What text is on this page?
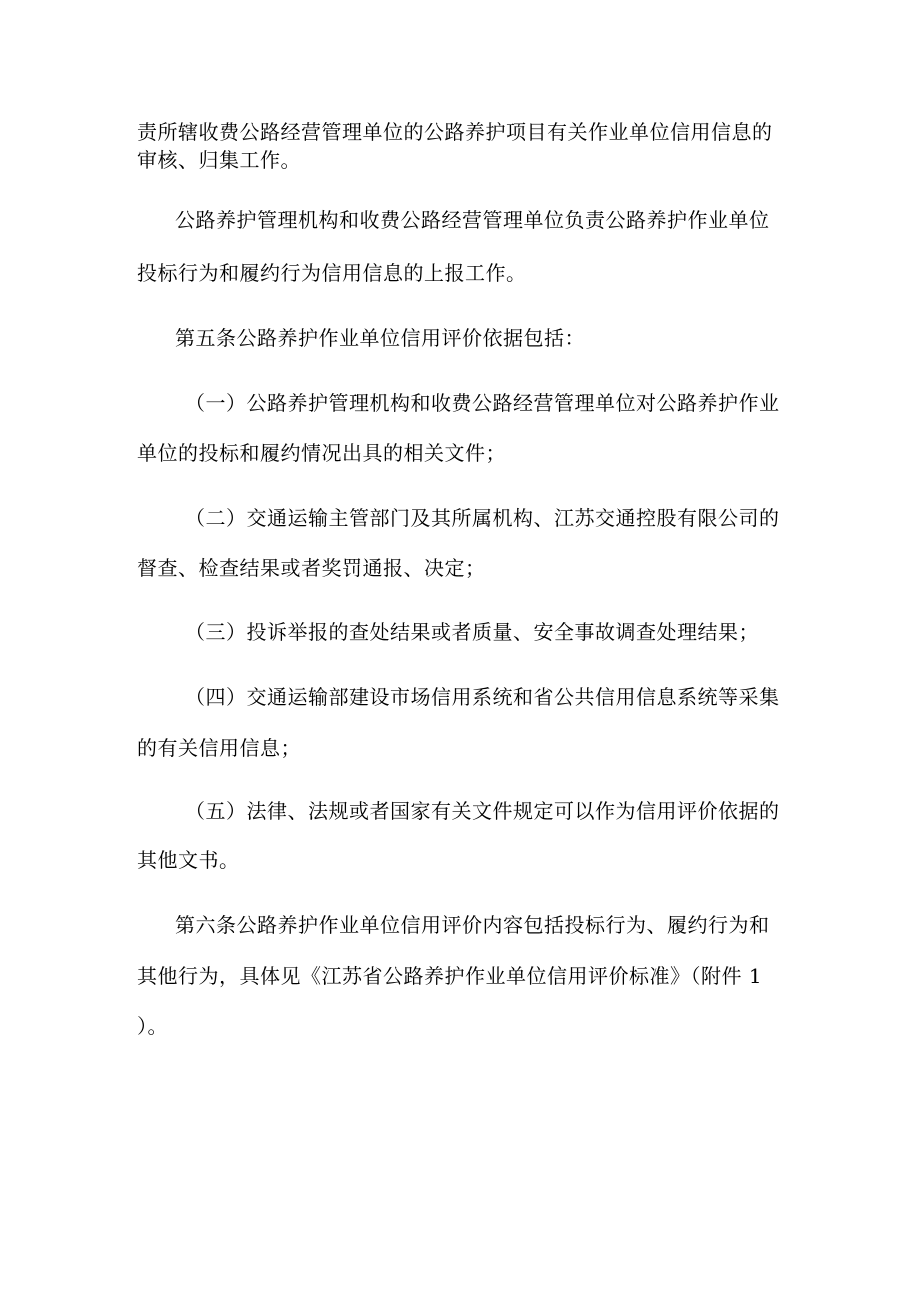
责所辖收费公路经营管理单位的公路养护项目有关作业单位信用信息的
审核、归集工作。
公路养护管理机构和收费公路经营管理单位负责公路养护作业单位
投标行为和履约行为信用信息的上报工作。
第五条公路养护作业单位信用评价依据包括：
（一）公路养护管理机构和收费公路经营管理单位对公路养护作业
单位的投标和履约情况出具的相关文件；
（二）交通运输主管部门及其所属机构、江苏交通控股有限公司的
督查、检查结果或者奖罚通报、决定；
（三）投诉举报的查处结果或者质量、安全事故调查处理结果；
（四）交通运输部建设市场信用系统和省公共信用信息系统等采集
的有关信用信息；
（五）法律、法规或者国家有关文件规定可以作为信用评价依据的
其他文书。
第六条公路养护作业单位信用评价内容包括投标行为、履约行为和
其他行为，具体见《江苏省公路养护作业单位信用评价标准》（附件 1
）。
